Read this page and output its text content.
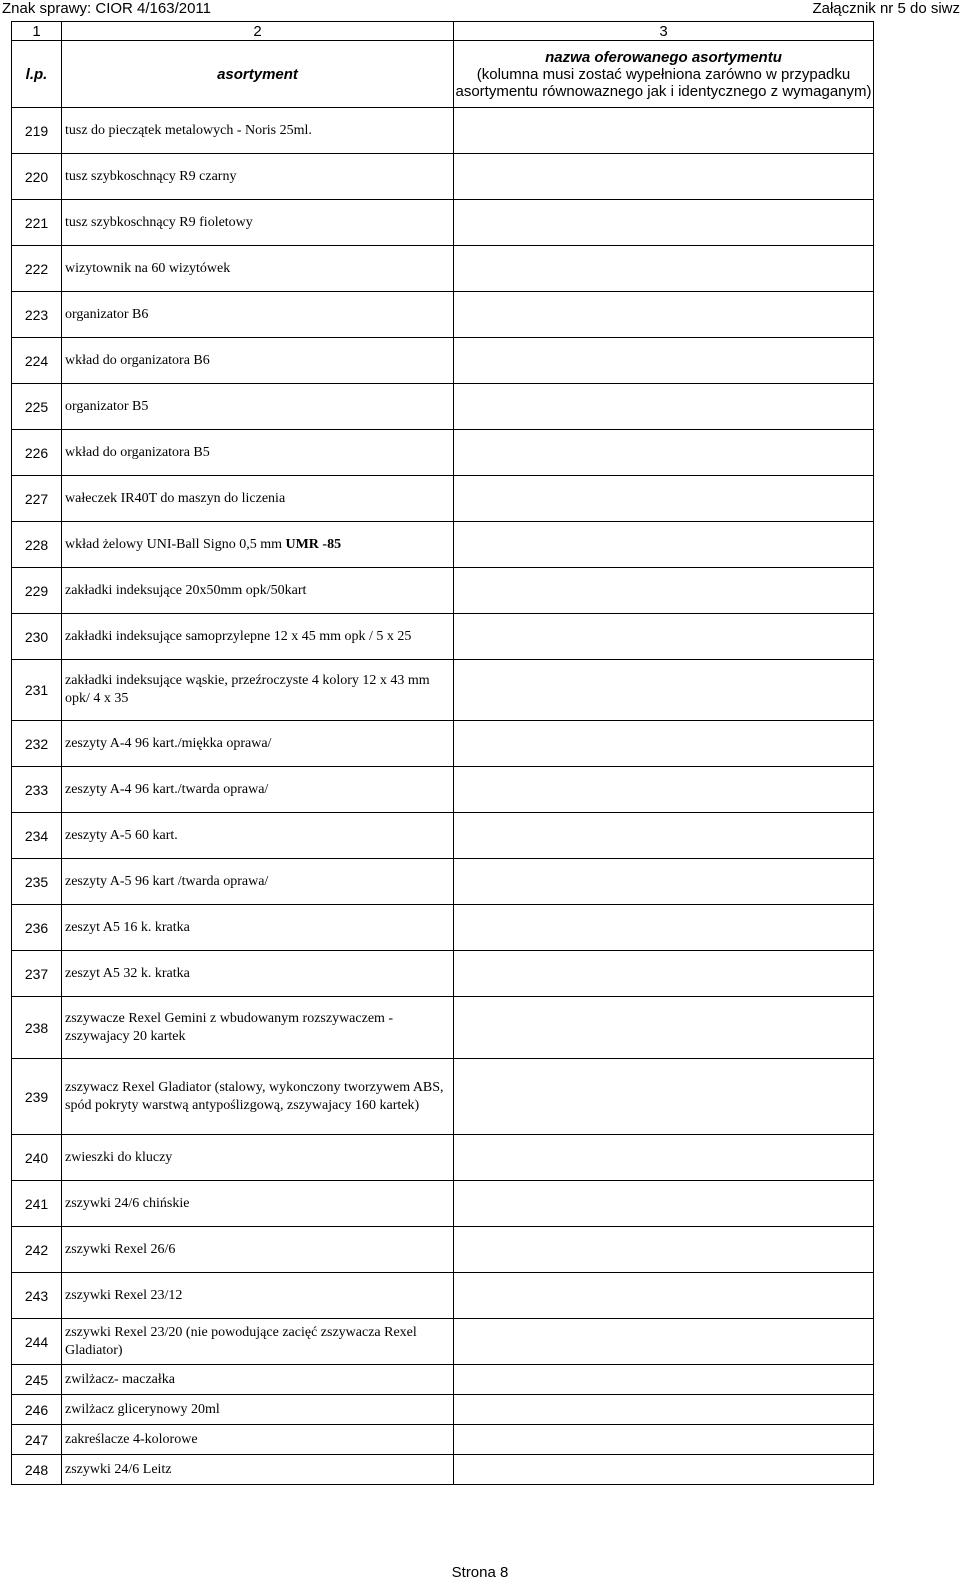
Znak sprawy: CIOR 4/163/2011	Załącznik nr 5 do siwz
1	2	3
l.p.	asortyment	nazwa oferowanego asortymentu
(kolumna musi zostać wypełniona zarówno w przypadku asortymentu równowaznego jak i identycznego z wymaganym)

219	tusz do pieczątek metalowych - Noris 25ml.	
220	tusz szybkoschnący R9 czarny	
221	tusz szybkoschnący R9 fioletowy	
222	wizytownik na 60 wizytówek	
223	organizator B6	
224	wkład do organizatora B6	
225	organizator B5	
226	wkład do organizatora B5	
227	wałeczek IR40T do maszyn do liczenia	
228	wkład żelowy UNI-Ball Signo 0,5 mm UMR -85	
229	zakładki indeksujące 20x50mm opk/50kart	
230	zakładki indeksujące samoprzylepne 12 x 45 mm opk / 5 x 25	
231	zakładki indeksujące wąskie, przeźroczyste 4 kolory 12 x 43 mm opk/ 4 x 35	
232	zeszyty A-4 96 kart./miękka oprawa/	
233	zeszyty A-4 96 kart./twarda oprawa/	
234	zeszyty A-5 60 kart.	
235	zeszyty A-5 96 kart /twarda oprawa/	
236	zeszyt A5 16 k. kratka	
237	zeszyt A5 32 k. kratka	
238	zszywacze Rexel Gemini z wbudowanym rozszywaczem - zszywajacy 20 kartek	
239	zszywacz Rexel Gladiator (stalowy, wykonczony tworzywem ABS, spód pokryty warstwą antypoślizgową, zszywajacy 160 kartek)	
240	zwieszki do kluczy	
241	zszywki 24/6 chińskie	
242	zszywki Rexel 26/6	
243	zszywki Rexel 23/12	
244	zszywki Rexel 23/20 (nie powodujące zacięć zszywacza Rexel Gladiator)	
245	zwilżacz- maczałka	
246	zwilżacz glicerynowy 20ml	
247	zakreślacze 4-kolorowe	
248	zszywki 24/6 Leitz	
Strona 8
